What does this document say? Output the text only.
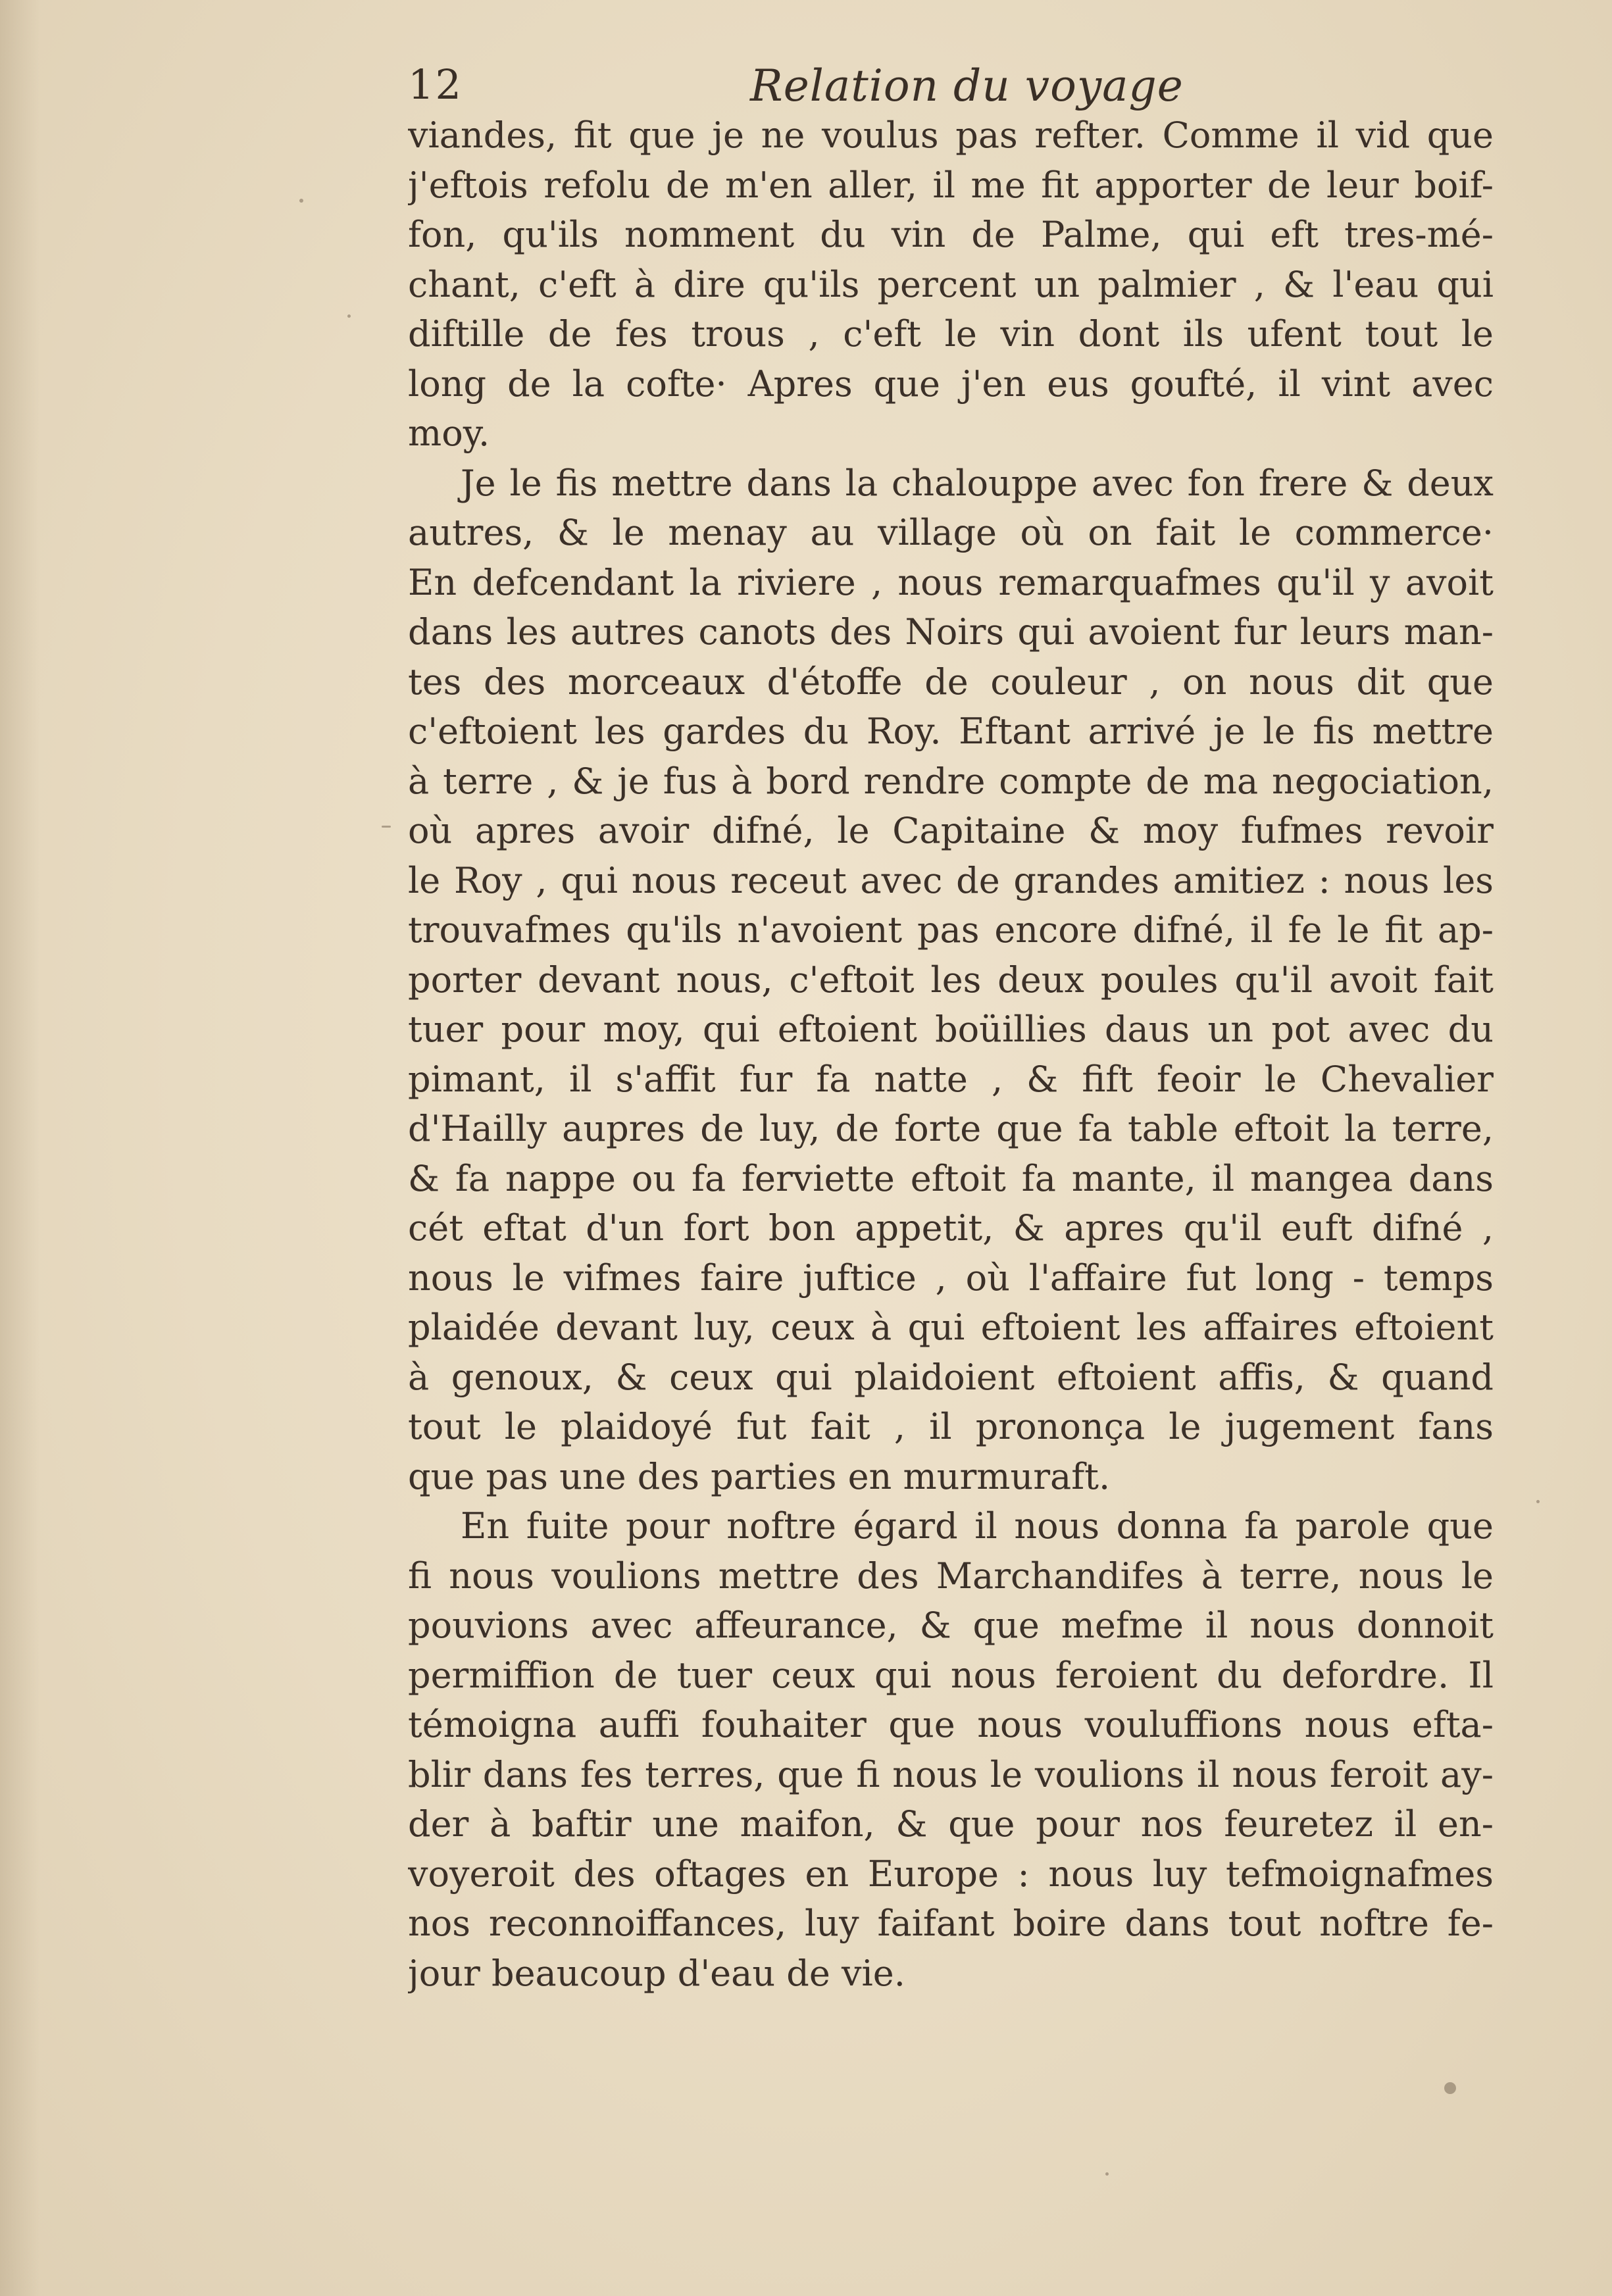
12	Relation du voyage
viandes, fit que je ne voulus pas refter. Comme il vid que
j'eftois refolu de m'en aller, il me fit apporter de leur boif-
fon, qu'ils nomment du vin de Palme, qui eft tres-mé-
chant, c'eft à dire qu'ils percent un palmier , & l'eau qui
diftille de fes trous , c'eft le vin dont ils ufent tout le
long de la cofte· Apres que j'en eus goufté, il vint avec
moy.
Je le fis mettre dans la chalouppe avec fon frere & deux
autres, & le menay au village où on fait le commerce·
En defcendant la riviere , nous remarquafmes qu'il y avoit
dans les autres canots des Noirs qui avoient fur leurs man-
tes des morceaux d'étoffe de couleur , on nous dit que
c'eftoient les gardes du Roy. Eftant arrivé je le fis mettre
à terre , & je fus à bord rendre compte de ma negociation,
où apres avoir difné, le Capitaine & moy fufmes revoir
le Roy , qui nous receut avec de grandes amitiez : nous les
trouvafmes qu'ils n'avoient pas encore difné, il fe le fit ap-
porter devant nous, c'eftoit les deux poules qu'il avoit fait
tuer pour moy, qui eftoient boüillies daus un pot avec du
pimant, il s'affit fur fa natte , & fift feoir le Chevalier
d'Hailly aupres de luy, de forte que fa table eftoit la terre,
& fa nappe ou fa ferviette eftoit fa mante, il mangea dans
cét eftat d'un fort bon appetit, & apres qu'il euft difné ,
nous le vifmes faire juftice , où l'affaire fut long - temps
plaidée devant luy, ceux à qui eftoient les affaires eftoient
à genoux, & ceux qui plaidoient eftoient affis, & quand
tout le plaidoyé fut fait , il prononça le jugement fans
que pas une des parties en murmuraft.
En fuite pour noftre égard il nous donna fa parole que
fi nous voulions mettre des Marchandifes à terre, nous le
pouvions avec affeurance, & que mefme il nous donnoit
permiffion de tuer ceux qui nous feroient du defordre. Il
témoigna auffi fouhaiter que nous vouluffions nous efta-
blir dans fes terres, que fi nous le voulions il nous feroit ay-
der à baftir une maifon, & que pour nos feuretez il en-
voyeroit des oftages en Europe : nous luy tefmoignafmes
nos reconnoiffances, luy faifant boire dans tout noftre fe-
jour beaucoup d'eau de vie.
